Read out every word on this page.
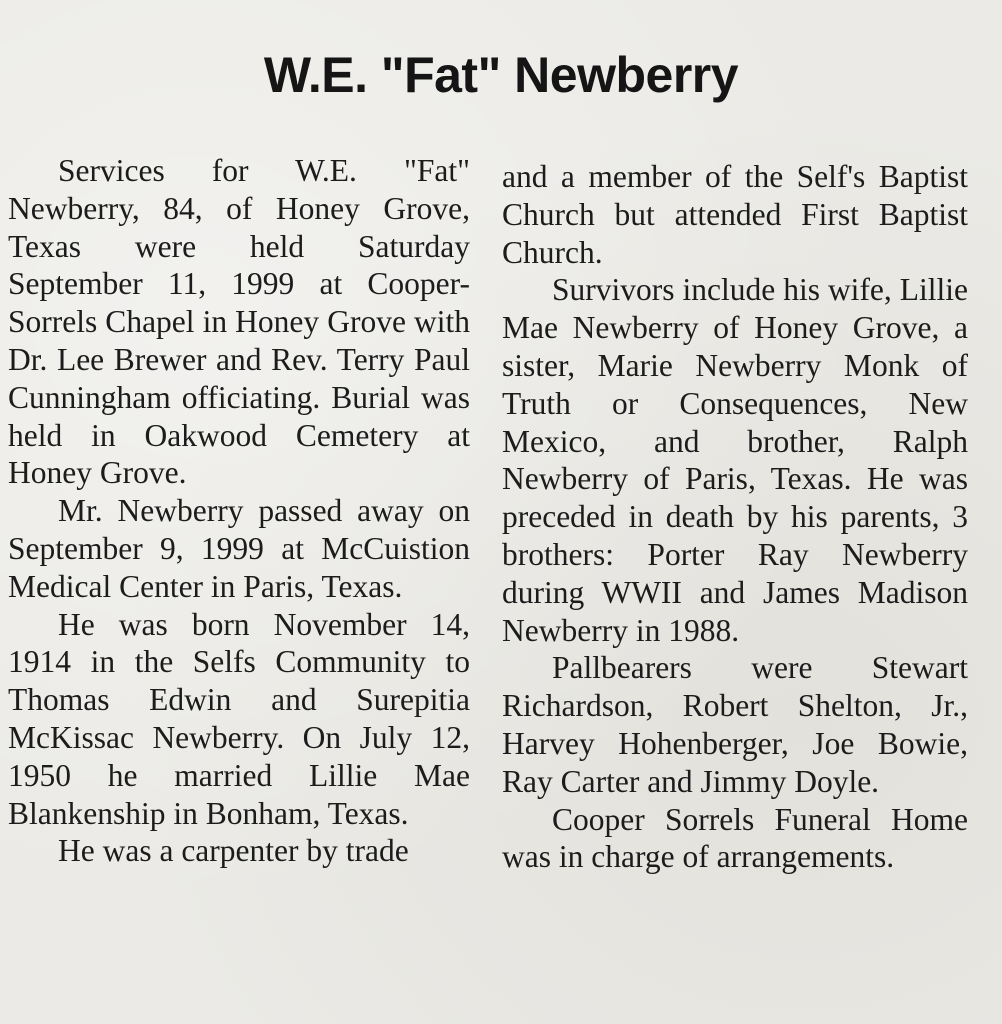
W.E. "Fat" Newberry

Services for W.E. "Fat" Newberry, 84, of Honey Grove, Texas were held Saturday September 11, 1999 at Cooper-Sorrels Chapel in Honey Grove with Dr. Lee Brewer and Rev. Terry Paul Cunningham officiating. Burial was held in Oakwood Cemetery at Honey Grove.

Mr. Newberry passed away on September 9, 1999 at McCuistion Medical Center in Paris, Texas.

He was born November 14, 1914 in the Selfs Community to Thomas Edwin and Surepitia McKissac Newberry. On July 12, 1950 he married Lillie Mae Blankenship in Bonham, Texas.

He was a carpenter by trade

and a member of the Self's Baptist Church but attended First Baptist Church.

Survivors include his wife, Lillie Mae Newberry of Honey Grove, a sister, Marie Newberry Monk of Truth or Consequences, New Mexico, and brother, Ralph Newberry of Paris, Texas. He was preceded in death by his parents, 3 brothers: Porter Ray Newberry during WWII and James Madison Newberry in 1988.

Pallbearers were Stewart Richardson, Robert Shelton, Jr., Harvey Hohenberger, Joe Bowie, Ray Carter and Jimmy Doyle.

Cooper Sorrels Funeral Home was in charge of arrangements.
